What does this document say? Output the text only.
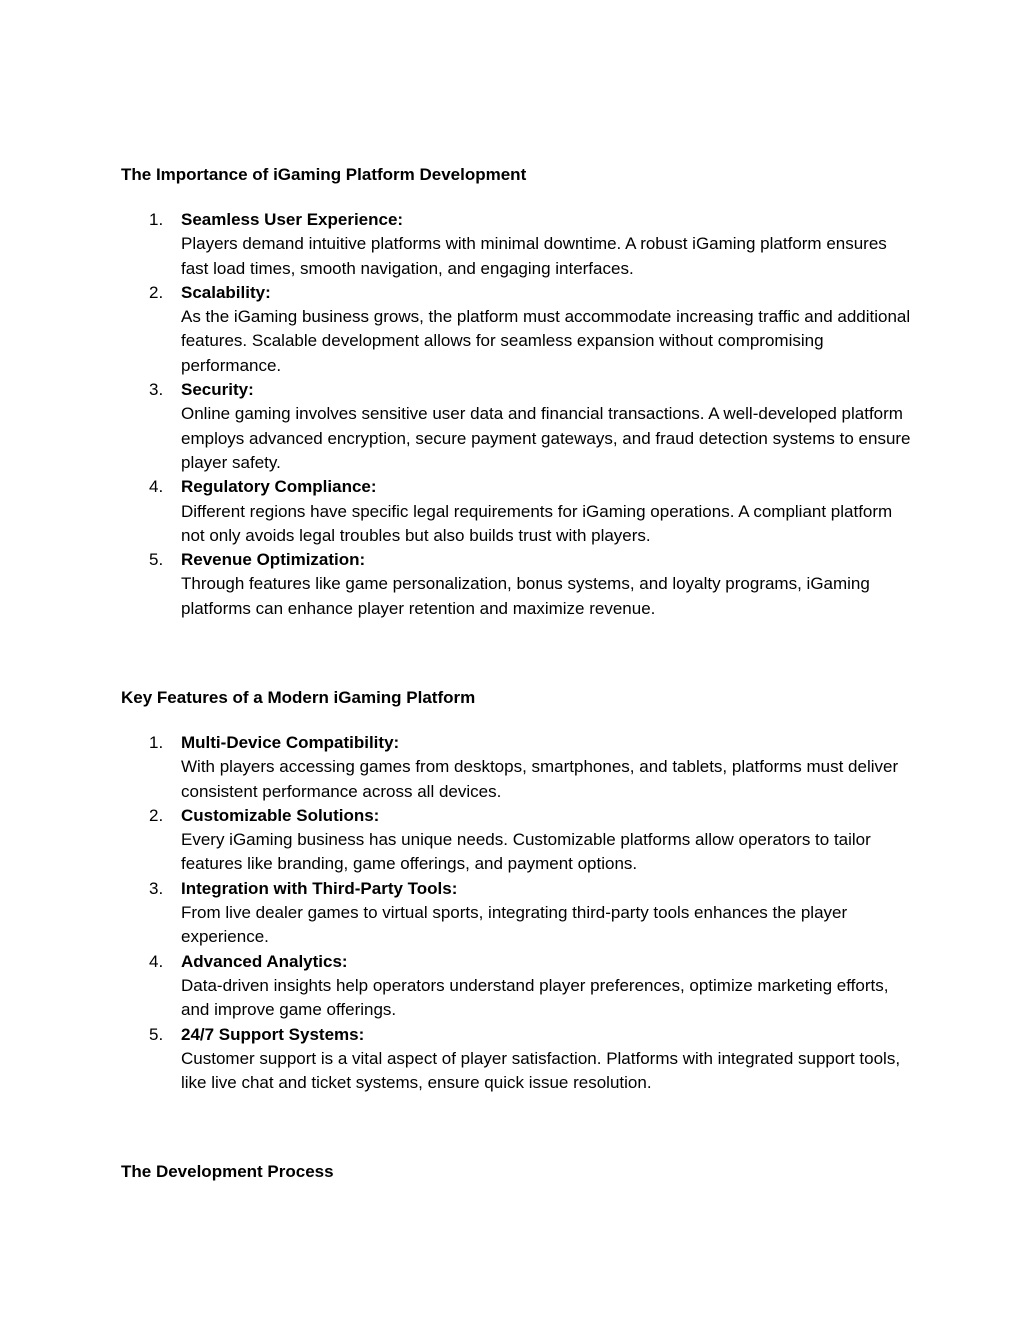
The Importance of iGaming Platform Development
1. Seamless User Experience:
Players demand intuitive platforms with minimal downtime. A robust iGaming platform ensures fast load times, smooth navigation, and engaging interfaces.
2. Scalability:
As the iGaming business grows, the platform must accommodate increasing traffic and additional features. Scalable development allows for seamless expansion without compromising performance.
3. Security:
Online gaming involves sensitive user data and financial transactions. A well-developed platform employs advanced encryption, secure payment gateways, and fraud detection systems to ensure player safety.
4. Regulatory Compliance:
Different regions have specific legal requirements for iGaming operations. A compliant platform not only avoids legal troubles but also builds trust with players.
5. Revenue Optimization:
Through features like game personalization, bonus systems, and loyalty programs, iGaming platforms can enhance player retention and maximize revenue.
Key Features of a Modern iGaming Platform
1. Multi-Device Compatibility:
With players accessing games from desktops, smartphones, and tablets, platforms must deliver consistent performance across all devices.
2. Customizable Solutions:
Every iGaming business has unique needs. Customizable platforms allow operators to tailor features like branding, game offerings, and payment options.
3. Integration with Third-Party Tools:
From live dealer games to virtual sports, integrating third-party tools enhances the player experience.
4. Advanced Analytics:
Data-driven insights help operators understand player preferences, optimize marketing efforts, and improve game offerings.
5. 24/7 Support Systems:
Customer support is a vital aspect of player satisfaction. Platforms with integrated support tools, like live chat and ticket systems, ensure quick issue resolution.
The Development Process
